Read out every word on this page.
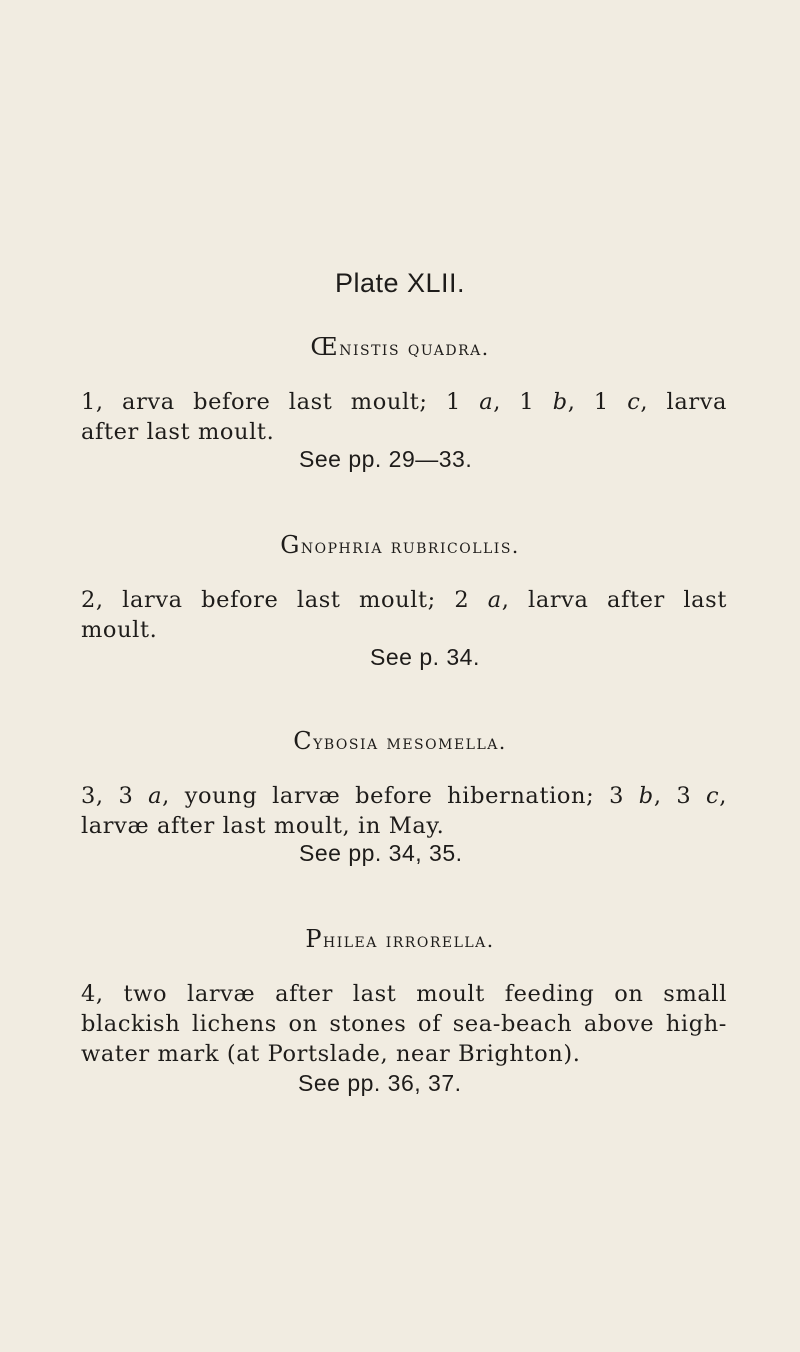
Plate XLII.
Œnistis quadra.
1, arva before last moult; 1 a, 1 b, 1 c, larva
after last moult.
See pp. 29—33.
Gnophria rubricollis.
2, larva before last moult; 2 a, larva after last
moult.
See p. 34.
Cybosia mesomella.
3, 3 a, young larvæ before hibernation; 3 b, 3 c,
larvæ after last moult, in May.
See pp. 34, 35.
Philea irrorella.
4, two larvæ after last moult feeding on small
blackish lichens on stones of sea-beach above high-
water mark (at Portslade, near Brighton).
See pp. 36, 37.
